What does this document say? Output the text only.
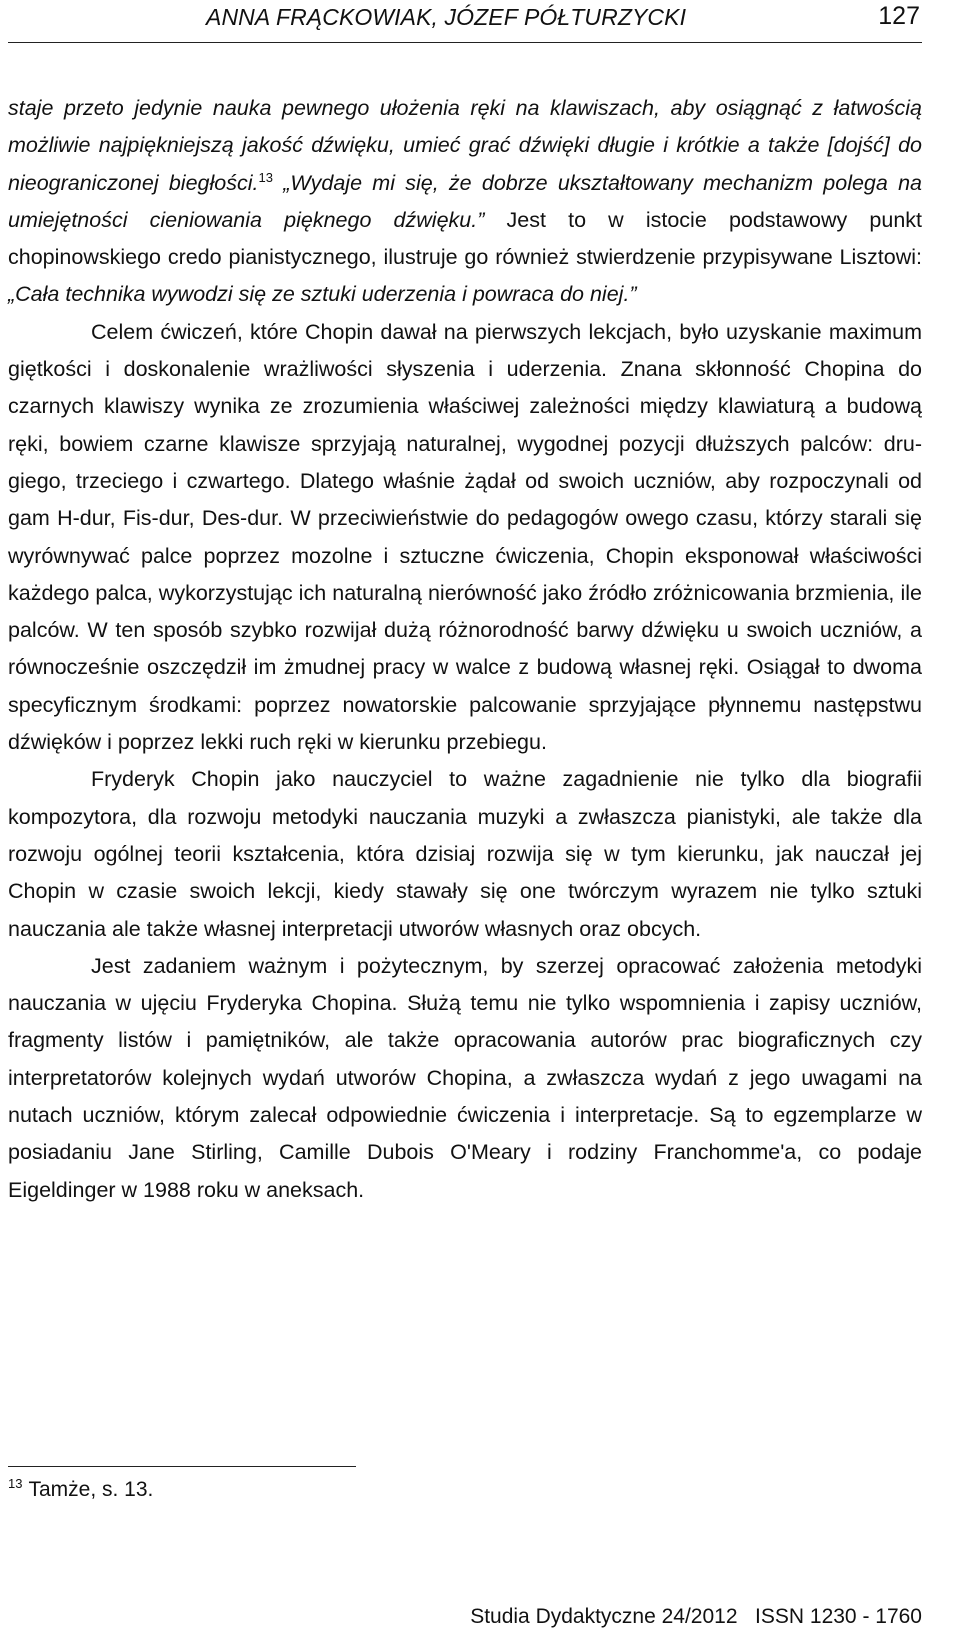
ANNA FRĄCKOWIAK, JÓZEF PÓŁTURZYCKI	127

staje przeto jedynie nauka pewnego ułożenia ręki na klawiszach, aby osiągnąć z łatwością możliwie najpiękniejszą jakość dźwięku, umieć grać dźwięki długie i krótkie a także [dojść] do nieograniczonej biegłości.$^{13}$ „Wydaje mi się, że dobrze ukształtowany mechanizm polega na umiejętności cieniowania pięknego dźwięku.” Jest to w istocie podstawowy punkt chopinowskiego credo pianistycznego, ilustruje go również stwierdzenie przypisywane Lisztowi: „Cała technika wywodzi się ze sztuki uderzenia i powraca do niej.”

Celem ćwiczeń, które Chopin dawał na pierwszych lekcjach, było uzyskanie maximum giętkości i doskonalenie wrażliwości słyszenia i uderzenia. Znana skłonność Chopina do czarnych klawiszy wynika ze zrozumienia właściwej zależności między klawiaturą a budową ręki, bowiem czarne klawisze sprzyjają naturalnej, wygodnej pozycji dłuższych palców: drugiego, trzeciego i czwartego. Dlatego właśnie żądał od swoich uczniów, aby rozpoczynali od gam H-dur, Fis-dur, Des-dur. W przeciwieństwie do pedagogów owego czasu, którzy starali się wyrównywać palce poprzez mozolne i sztuczne ćwiczenia, Chopin eksponował właściwości każdego palca, wykorzystując ich naturalną nierówność jako źródło zróżnicowania brzmienia, ile palców. W ten sposób szybko rozwijał dużą różnorodność barwy dźwięku u swoich uczniów, a równocześnie oszczędził im żmudnej pracy w walce z budową własnej ręki. Osiągał to dwoma specyficznym środkami: poprzez nowatorskie palcowanie sprzyjające płynnemu następstwu dźwięków i poprzez lekki ruch ręki w kierunku przebiegu.

Fryderyk Chopin jako nauczyciel to ważne zagadnienie nie tylko dla biografii kompozytora, dla rozwoju metodyki nauczania muzyki a zwłaszcza pianistyki, ale także dla rozwoju ogólnej teorii kształcenia, która dzisiaj rozwija się w tym kierunku, jak nauczał jej Chopin w czasie swoich lekcji, kiedy stawały się one twórczym wyrazem nie tylko sztuki nauczania ale także własnej interpretacji utworów własnych oraz obcych.

Jest zadaniem ważnym i pożytecznym, by szerzej opracować założenia metodyki nauczania w ujęciu Fryderyka Chopina. Służą temu nie tylko wspomnienia i zapisy uczniów, fragmenty listów i pamiętników, ale także opracowania autorów prac biograficznych czy interpretatorów kolejnych wydań utworów Chopina, a zwłaszcza wydań z jego uwagami na nutach uczniów, którym zalecał odpowiednie ćwiczenia i interpretacje. Są to egzemplarze w posiadaniu Jane Stirling, Camille Dubois O'Meary i rodziny Franchomme'a, co podaje Eigeldinger w 1988 roku w aneksach.

$^{13}$ Tamże, s. 13.
Studia Dydaktyczne 24/2012 ISSN 1230 - 1760
